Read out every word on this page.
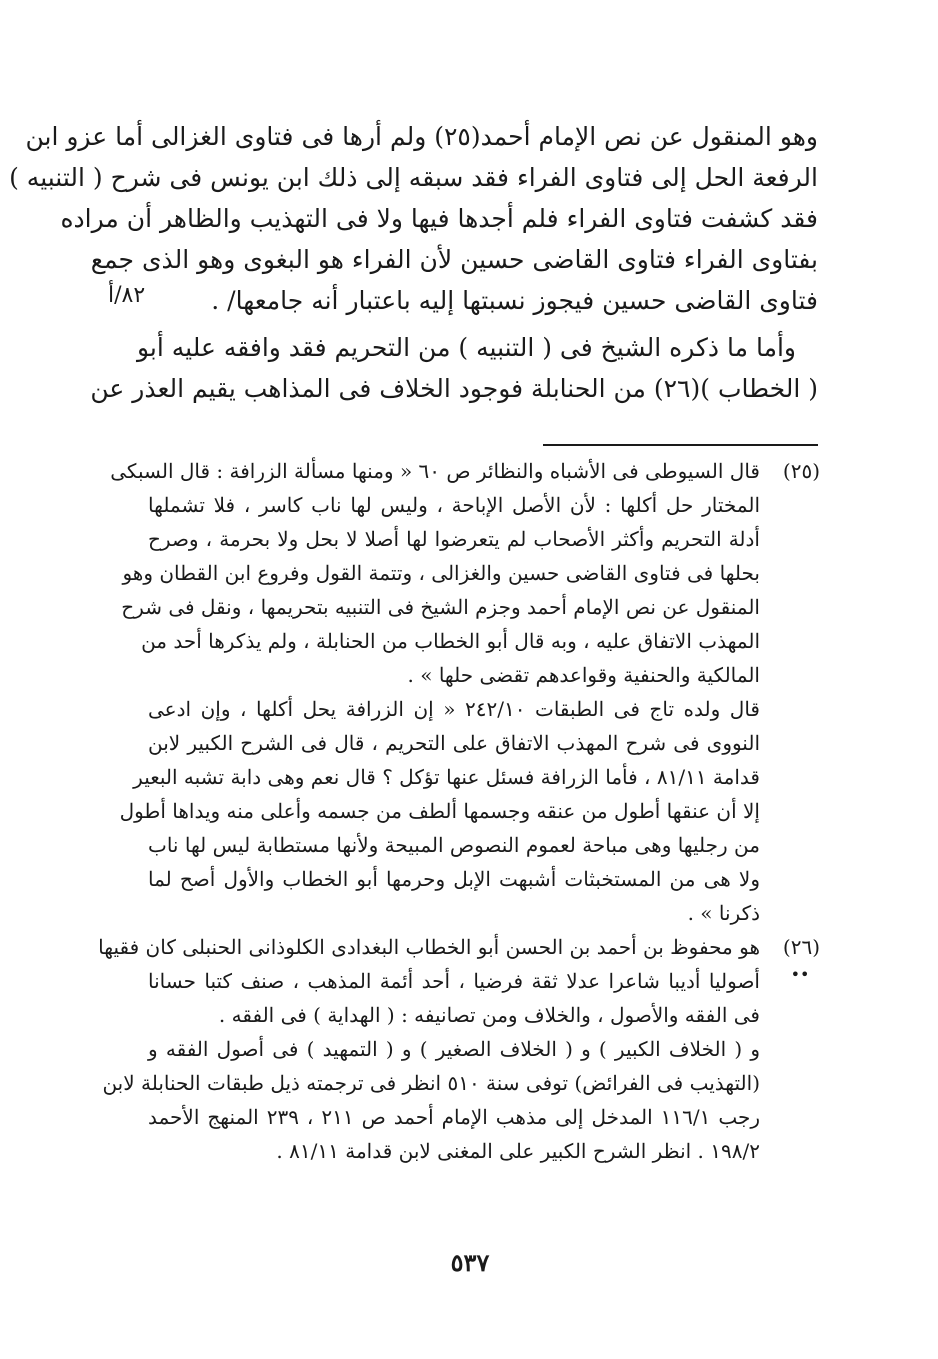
وهو المنقول عن نص الإمام أحمد(٢٥) ولم أرها فى فتاوى الغزالى أما عزو ابن
الرفعة الحل إلى فتاوى الفراء فقد سبقه إلى ذلك ابن يونس فى شرح ( التنبيه )
فقد كشفت فتاوى الفراء فلم أجدها فيها ولا فى التهذيب والظاهر أن مراده
بفتاوى الفراء فتاوى القاضى حسين لأن الفراء هو البغوى وهو الذى جمع
فتاوى القاضى حسين فيجوز نسبتها إليه باعتبار أنه جامعها/ .
وأما ما ذكره الشيخ فى ( التنبيه ) من التحريم فقد وافقه عليه أبو
( الخطاب )(٢٦) من الحنابلة فوجود الخلاف فى المذاهب يقيم العذر عن
٨٢/أ
(٢٥)
قال السيوطى فى الأشباه والنظائر ص ٦٠ « ومنها مسألة الزرافة : قال السبكى
المختار حل أكلها : لأن الأصل الإباحة ، وليس لها ناب كاسر ، فلا تشملها
أدلة التحريم وأكثر الأصحاب لم يتعرضوا لها أصلا لا بحل ولا بحرمة ، وصرح
بحلها فى فتاوى القاضى حسين والغزالى ، وتتمة القول وفروع ابن القطان وهو
المنقول عن نص الإمام أحمد وجزم الشيخ فى التنبيه بتحريمها ، ونقل فى شرح
المهذب الاتفاق عليه ، وبه قال أبو الخطاب من الحنابلة ، ولم يذكرها أحد من
المالكية والحنفية وقواعدهم تقضى حلها » .
قال ولده تاج فى الطبقات ٢٤٢/١٠ « إن الزرافة يحل أكلها ، وإن ادعى
النووى فى شرح المهذب الاتفاق على التحريم ، قال فى الشرح الكبير لابن
قدامة ٨١/١١ ، فأما الزرافة فسئل عنها تؤكل ؟ قال نعم وهى دابة تشبه البعير
إلا أن عنقها أطول من عنقه وجسمها ألطف من جسمه وأعلى منه ويداها أطول
من رجليها وهى مباحة لعموم النصوص المبيحة ولأنها مستطابة ليس لها ناب
ولا هى من المستخبثات أشبهت الإبل وحرمها أبو الخطاب والأول أصح لما
ذكرنا » .
(٢٦)
••
هو محفوظ بن أحمد بن الحسن أبو الخطاب البغدادى الكلوذانى الحنبلى كان فقيها
أصوليا أديبا شاعرا عدلا ثقة فرضيا ، أحد أئمة المذهب ، صنف كتبا حسانا
فى الفقه والأصول ، والخلاف ومن تصانيفه : ( الهداية ) فى الفقه .
و ( الخلاف الكبير ) و ( الخلاف الصغير ) و ( التمهيد ) فى أصول الفقه و
(التهذيب فى الفرائض) توفى سنة ٥١٠ انظر فى ترجمته ذيل طبقات الحنابلة لابن
رجب ١١٦/١ المدخل إلى مذهب الإمام أحمد ص ٢١١ ، ٢٣٩ المنهج الأحمد
١٩٨/٢ . انظر الشرح الكبير على المغنى لابن قدامة ٨١/١١ .
٥٣٧
